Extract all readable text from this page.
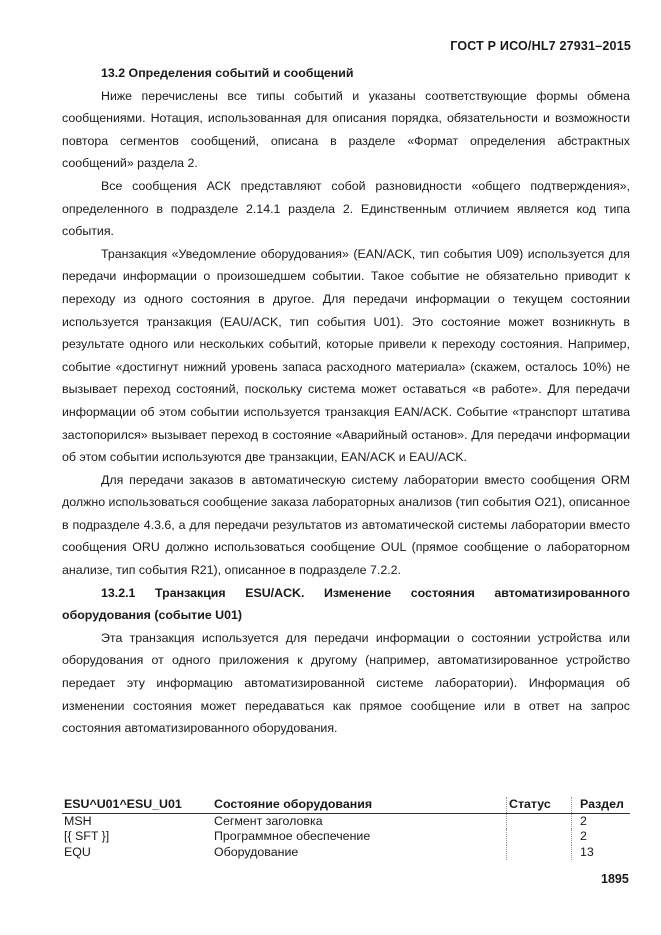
ГОСТ Р ИСО/HL7 27931–2015

13.2 Определения событий и сообщений

Ниже перечислены все типы событий и указаны соответствующие формы обмена сообщениями. Нотация, использованная для описания порядка, обязательности и возможности повтора сегментов сообщений, описана в разделе «Формат определения абстрактных сообщений» раздела 2.

Все сообщения АСК представляют собой разновидности «общего подтверждения», определенного в подразделе 2.14.1 раздела 2. Единственным отличием является код типа события.

Транзакция «Уведомление оборудования» (EAN/ACK, тип события U09) используется для передачи информации о произошедшем событии. Такое событие не обязательно приводит к переходу из одного состояния в другое. Для передачи информации о текущем состоянии используется транзакция (EAU/ACK, тип события U01). Это состояние может возникнуть в результате одного или нескольких событий, которые привели к переходу состояния. Например, событие «достигнут нижний уровень запаса расходного материала» (скажем, осталось 10%) не вызывает переход состояний, поскольку система может оставаться «в работе». Для передачи информации об этом событии используется транзакция EAN/ACK. Событие «транспорт штатива застопорился» вызывает переход в состояние «Аварийный останов». Для передачи информации об этом событии используются две транзакции, EAN/ACK и EAU/ACK.

Для передачи заказов в автоматическую систему лаборатории вместо сообщения ORM должно использоваться сообщение заказа лабораторных анализов (тип события O21), описанное в подразделе 4.3.6, а для передачи результатов из автоматической системы лаборатории вместо сообщения ORU должно использоваться сообщение OUL (прямое сообщение о лабораторном анализе, тип события R21), описанное в подразделе 7.2.2.

13.2.1 Транзакция ESU/ACK. Изменение состояния автоматизированного оборудования (событие U01)

Эта транзакция используется для передачи информации о состоянии устройства или оборудования от одного приложения к другому (например, автоматизированное устройство передает эту информацию автоматизированной системе лаборатории). Информация об изменении состояния может передаваться как прямое сообщение или в ответ на запрос состояния автоматизированного оборудования.

ESU^U01^ESU_U01	Состояние оборудования	Статус	Раздел
MSH	Сегмент заголовка		2
[{ SFT }]	Программное обеспечение		2
EQU	Оборудование		13
1895
